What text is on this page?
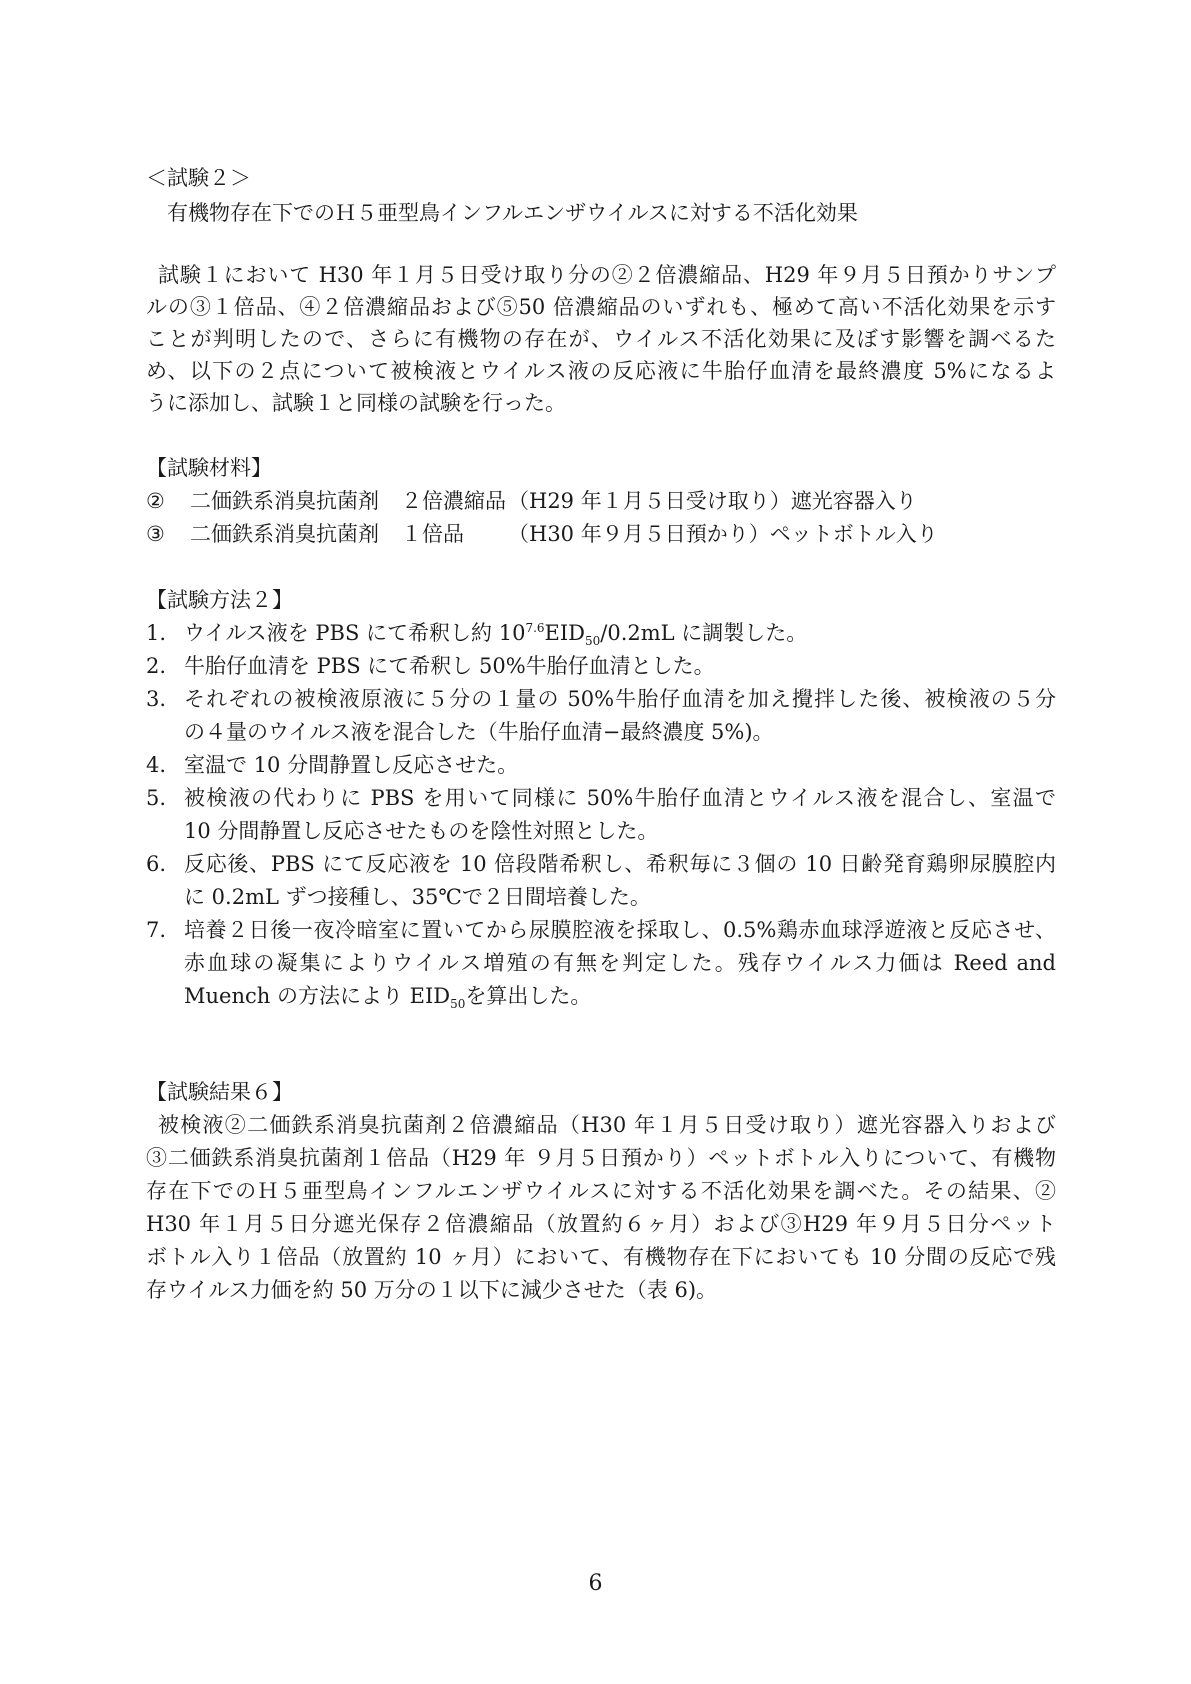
＜試験２＞
有機物存在下でのＨ５亜型鳥インフルエンザウイルスに対する不活化効果
試験１において H30 年１月５日受け取り分の②２倍濃縮品、H29 年９月５日預かりサンプ
ルの③１倍品、④２倍濃縮品および⑤50 倍濃縮品のいずれも、極めて高い不活化効果を示す
ことが判明したので、さらに有機物の存在が、ウイルス不活化効果に及ぼす影響を調べるた
め、以下の２点について被検液とウイルス液の反応液に牛胎仔血清を最終濃度 5%になるよ
うに添加し、試験１と同様の試験を行った。
【試験材料】
② 二価鉄系消臭抗菌剤 ２倍濃縮品 （H29 年１月５日受け取り）遮光容器入り
③ 二価鉄系消臭抗菌剤 １倍品 （H30 年９月５日預かり）ペットボトル入り
【試験方法２】
1. ウイルス液を PBS にて希釈し約 $10^{7.6}EID_{50}/0.2mL$ に調製した。
2. 牛胎仔血清を PBS にて希釈し 50%牛胎仔血清とした。
3. それぞれの被検液原液に５分の１量の 50%牛胎仔血清を加え攪拌した後、被検液の５分
の４量のウイルス液を混合した（牛胎仔血清−最終濃度 5%)。
4. 室温で 10 分間静置し反応させた。
5. 被検液の代わりに PBS を用いて同様に 50%牛胎仔血清とウイルス液を混合し、室温で
10 分間静置し反応させたものを陰性対照とした。
6. 反応後、PBS にて反応液を 10 倍段階希釈し、希釈毎に３個の 10 日齢発育鶏卵尿膜腔内
に 0.2mL ずつ接種し、35℃で２日間培養した。
7. 培養２日後一夜冷暗室に置いてから尿膜腔液を採取し、0.5%鶏赤血球浮遊液と反応させ、
赤血球の凝集によりウイルス増殖の有無を判定した。残存ウイルス力価は Reed and
Muench の方法により $EID_{50}$を算出した。
【試験結果６】
被検液②二価鉄系消臭抗菌剤２倍濃縮品（H30 年１月５日受け取り）遮光容器入りおよび
③二価鉄系消臭抗菌剤１倍品（H29 年 ９月５日預かり）ペットボトル入りについて、有機物
存在下でのＨ５亜型鳥インフルエンザウイルスに対する不活化効果を調べた。その結果、②
H30 年１月５日分遮光保存２倍濃縮品（放置約６ヶ月）および③H29 年９月５日分ペット
ボトル入り１倍品（放置約 10 ヶ月）において、有機物存在下においても 10 分間の反応で残
存ウイルス力価を約 50 万分の１以下に減少させた（表 6)。
6
